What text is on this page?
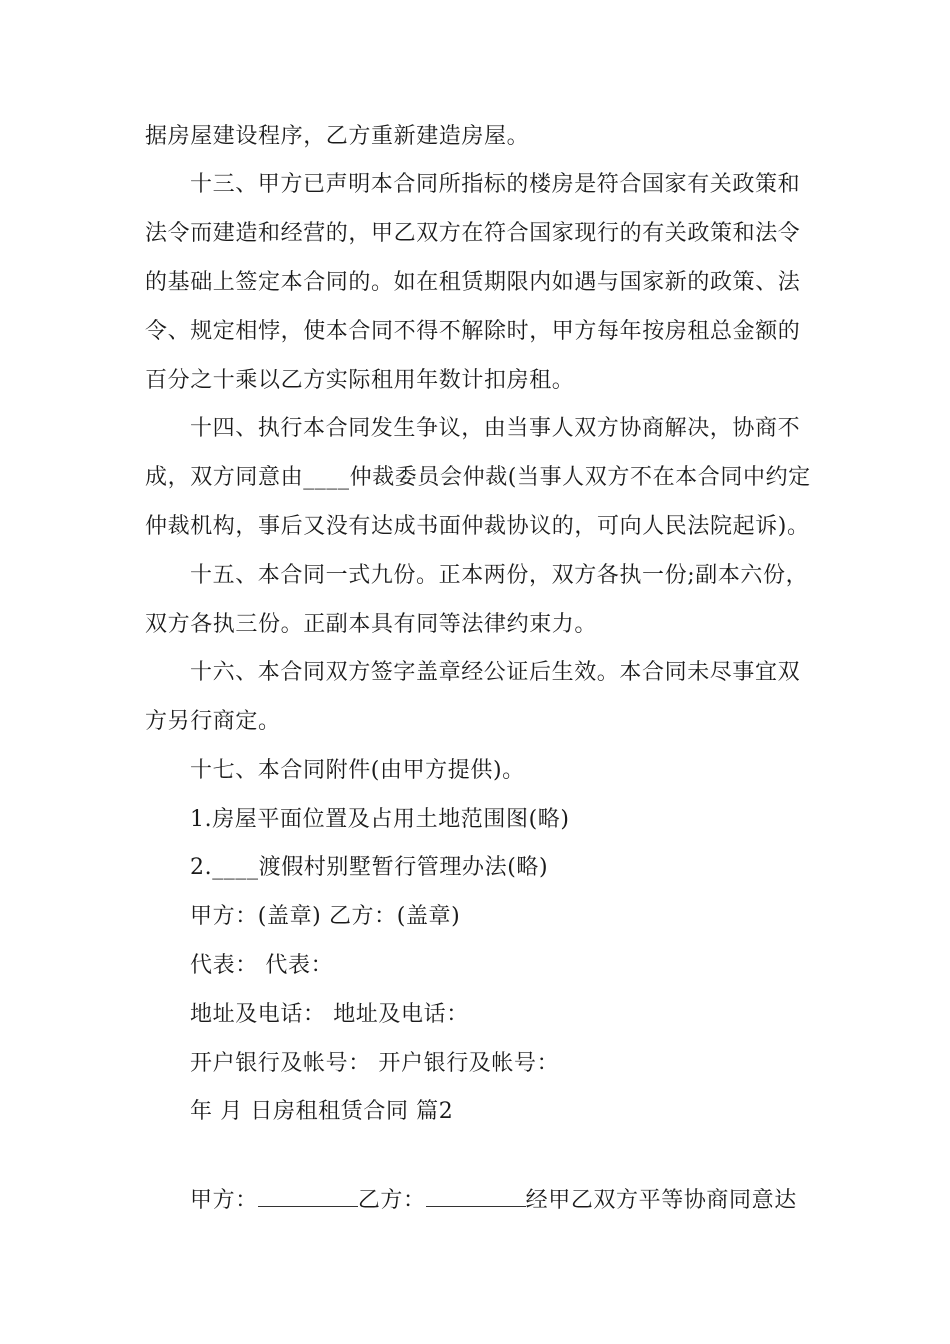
据房屋建设程序，乙方重新建造房屋。
十三、甲方已声明本合同所指标的楼房是符合国家有关政策和
法令而建造和经营的，甲乙双方在符合国家现行的有关政策和法令
的基础上签定本合同的。如在租赁期限内如遇与国家新的政策、法
令、规定相悖，使本合同不得不解除时，甲方每年按房租总金额的
百分之十乘以乙方实际租用年数计扣房租。
十四、执行本合同发生争议，由当事人双方协商解决，协商不
成，双方同意由____仲裁委员会仲裁(当事人双方不在本合同中约定
仲裁机构，事后又没有达成书面仲裁协议的，可向人民法院起诉)。
十五、本合同一式九份。正本两份，双方各执一份;副本六份，
双方各执三份。正副本具有同等法律约束力。
十六、本合同双方签字盖章经公证后生效。本合同未尽事宜双
方另行商定。
十七、本合同附件(由甲方提供)。
1.房屋平面位置及占用土地范围图(略)
2.____渡假村别墅暂行管理办法(略)
甲方：(盖章) 乙方：(盖章)
代表： 代表：
地址及电话： 地址及电话：
开户银行及帐号： 开户银行及帐号：
年 月 日房租租赁合同 篇2
甲方：	乙方：	经甲乙双方平等协商同意达
